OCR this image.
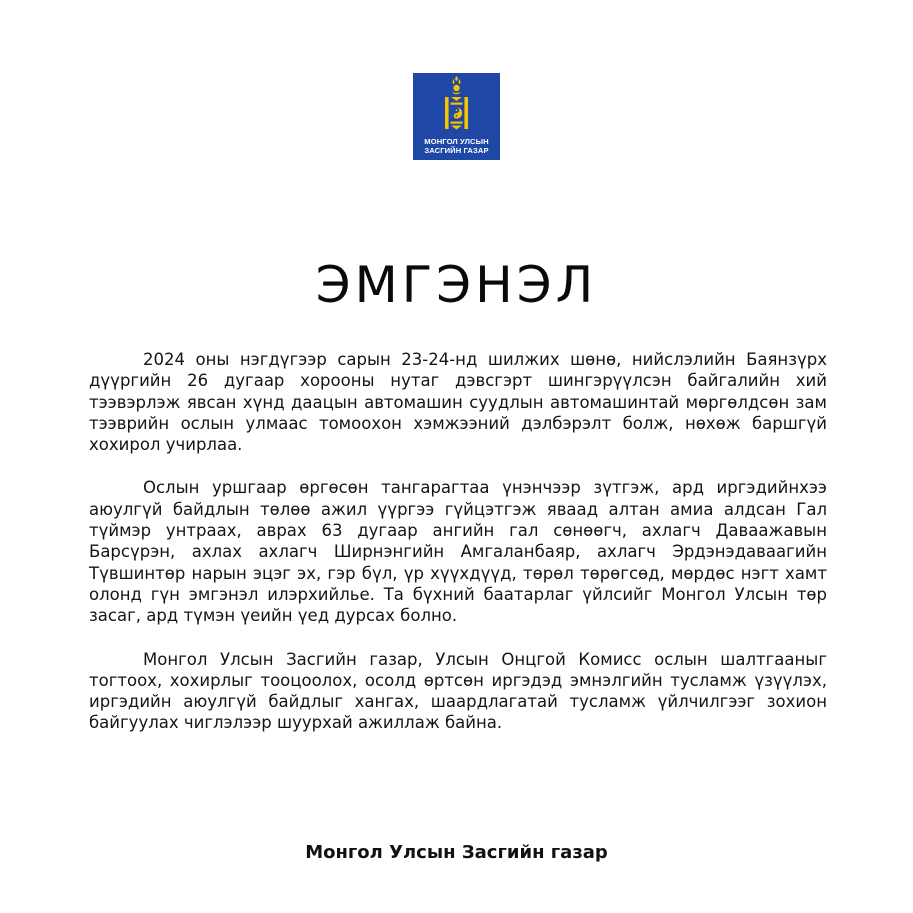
МОНГОЛ УЛСЫН
ЗАСГИЙН ГАЗАР
ЭМГЭНЭЛ

2024 оны нэгдүгээр сарын 23-24-нд шилжих шөнө, нийслэлийн Баянзүрх дүүргийн 26 дугаар хорооны нутаг дэвсгэрт шингэрүүлсэн байгалийн хий тээвэрлэж явсан хүнд даацын автомашин суудлын автомашинтай мөргөлдсөн зам тээврийн ослын улмаас томоохон хэмжээний дэлбэрэлт болж, нөхөж баршгүй хохирол учирлаа.

Ослын уршгаар өргөсөн тангарагтаа үнэнчээр зүтгэж, ард иргэдийнхээ аюулгүй байдлын төлөө ажил үүргээ гүйцэтгэж яваад алтан амиа алдсан Гал түймэр унтраах, аврах 63 дугаар ангийн гал сөнөөгч, ахлагч Даваажавын Барсүрэн, ахлах ахлагч Ширнэнгийн Амгаланбаяр, ахлагч Эрдэнэдаваагийн Түвшинтөр нарын эцэг эх, гэр бүл, үр хүүхдүүд, төрөл төрөгсөд, мөрдөс нэгт хамт олонд гүн эмгэнэл илэрхийлье. Та бүхний баатарлаг үйлсийг Монгол Улсын төр засаг, ард түмэн үеийн үед дурсах болно.

Монгол Улсын Засгийн газар, Улсын Онцгой Комисс ослын шалтгааныг тогтоох, хохирлыг тооцоолох, осолд өртсөн иргэдэд эмнэлгийн тусламж үзүүлэх, иргэдийн аюулгүй байдлыг хангах, шаардлагатай тусламж үйлчилгээг зохион байгуулах чиглэлээр шуурхай ажиллаж байна.

Монгол Улсын Засгийн газар
